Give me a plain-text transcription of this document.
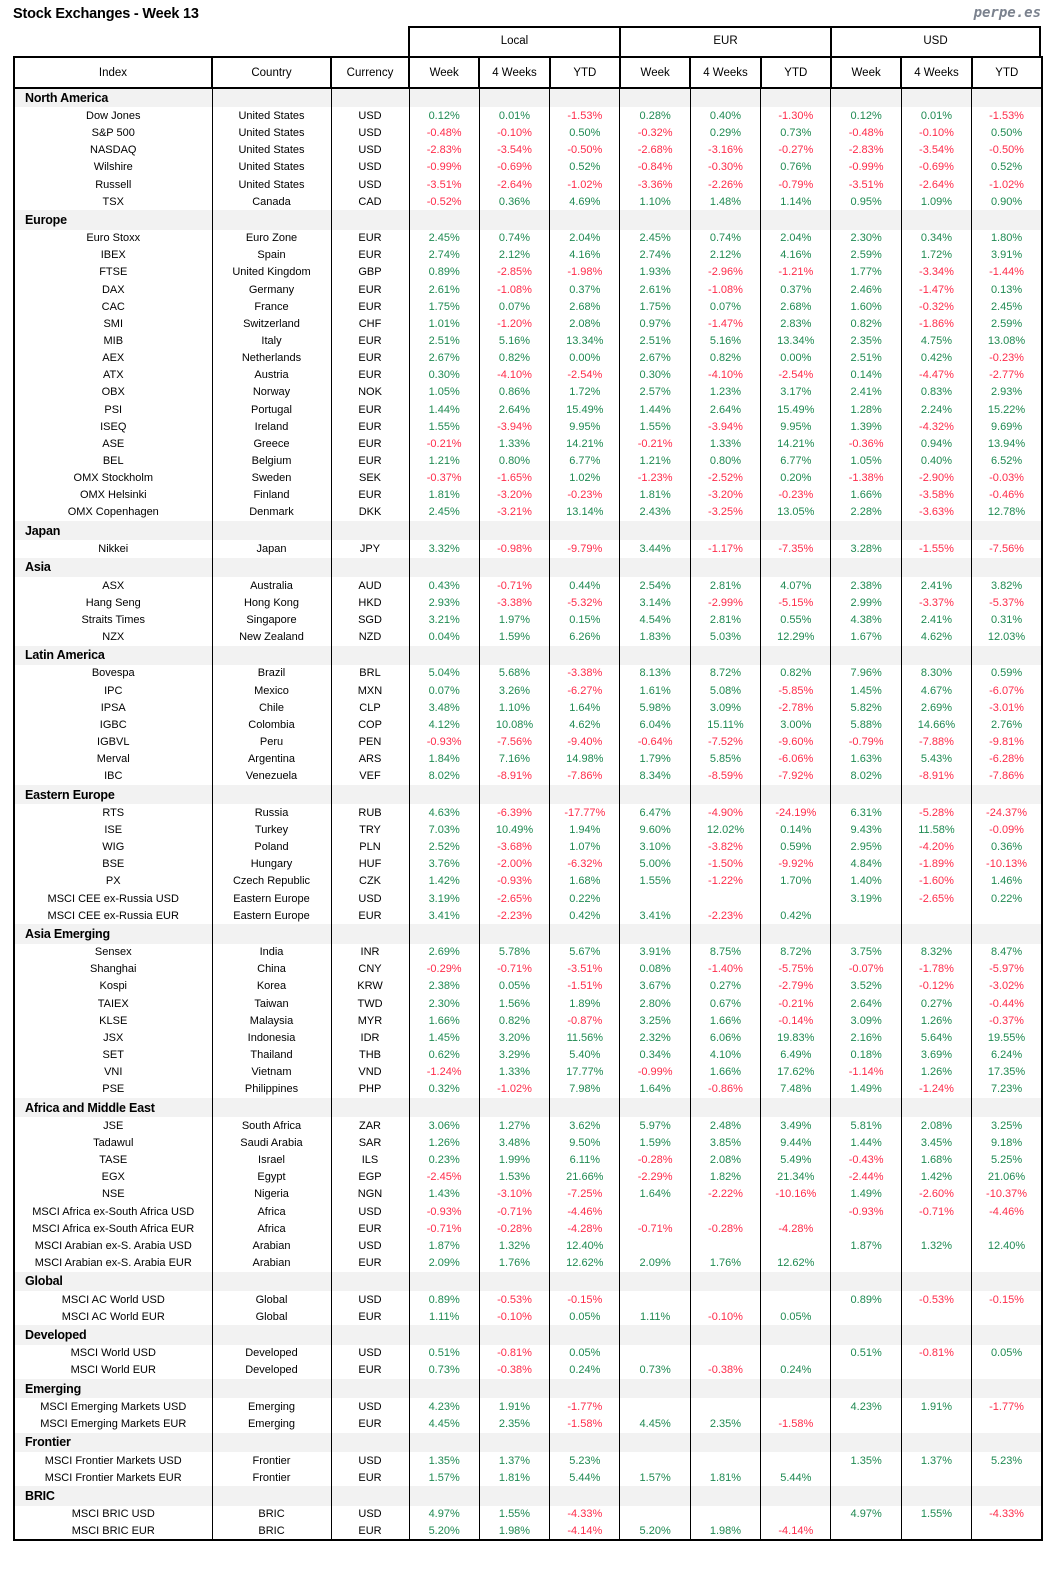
Stock Exchanges - Week 13	perpe.es
Local	EUR	USD
Index	Country	Currency	Week	4 Weeks	YTD	Week	4 Weeks	YTD	Week	4 Weeks	YTD
North America											
Dow Jones	United States	USD	0.12%	0.01%	-1.53%	0.28%	0.40%	-1.30%	0.12%	0.01%	-1.53%
S&P 500	United States	USD	-0.48%	-0.10%	0.50%	-0.32%	0.29%	0.73%	-0.48%	-0.10%	0.50%
NASDAQ	United States	USD	-2.83%	-3.54%	-0.50%	-2.68%	-3.16%	-0.27%	-2.83%	-3.54%	-0.50%
Wilshire	United States	USD	-0.99%	-0.69%	0.52%	-0.84%	-0.30%	0.76%	-0.99%	-0.69%	0.52%
Russell	United States	USD	-3.51%	-2.64%	-1.02%	-3.36%	-2.26%	-0.79%	-3.51%	-2.64%	-1.02%
TSX	Canada	CAD	-0.52%	0.36%	4.69%	1.10%	1.48%	1.14%	0.95%	1.09%	0.90%
Europe											
Euro Stoxx	Euro Zone	EUR	2.45%	0.74%	2.04%	2.45%	0.74%	2.04%	2.30%	0.34%	1.80%
IBEX	Spain	EUR	2.74%	2.12%	4.16%	2.74%	2.12%	4.16%	2.59%	1.72%	3.91%
FTSE	United Kingdom	GBP	0.89%	-2.85%	-1.98%	1.93%	-2.96%	-1.21%	1.77%	-3.34%	-1.44%
DAX	Germany	EUR	2.61%	-1.08%	0.37%	2.61%	-1.08%	0.37%	2.46%	-1.47%	0.13%
CAC	France	EUR	1.75%	0.07%	2.68%	1.75%	0.07%	2.68%	1.60%	-0.32%	2.45%
SMI	Switzerland	CHF	1.01%	-1.20%	2.08%	0.97%	-1.47%	2.83%	0.82%	-1.86%	2.59%
MIB	Italy	EUR	2.51%	5.16%	13.34%	2.51%	5.16%	13.34%	2.35%	4.75%	13.08%
AEX	Netherlands	EUR	2.67%	0.82%	0.00%	2.67%	0.82%	0.00%	2.51%	0.42%	-0.23%
ATX	Austria	EUR	0.30%	-4.10%	-2.54%	0.30%	-4.10%	-2.54%	0.14%	-4.47%	-2.77%
OBX	Norway	NOK	1.05%	0.86%	1.72%	2.57%	1.23%	3.17%	2.41%	0.83%	2.93%
PSI	Portugal	EUR	1.44%	2.64%	15.49%	1.44%	2.64%	15.49%	1.28%	2.24%	15.22%
ISEQ	Ireland	EUR	1.55%	-3.94%	9.95%	1.55%	-3.94%	9.95%	1.39%	-4.32%	9.69%
ASE	Greece	EUR	-0.21%	1.33%	14.21%	-0.21%	1.33%	14.21%	-0.36%	0.94%	13.94%
BEL	Belgium	EUR	1.21%	0.80%	6.77%	1.21%	0.80%	6.77%	1.05%	0.40%	6.52%
OMX Stockholm	Sweden	SEK	-0.37%	-1.65%	1.02%	-1.23%	-2.52%	0.20%	-1.38%	-2.90%	-0.03%
OMX Helsinki	Finland	EUR	1.81%	-3.20%	-0.23%	1.81%	-3.20%	-0.23%	1.66%	-3.58%	-0.46%
OMX Copenhagen	Denmark	DKK	2.45%	-3.21%	13.14%	2.43%	-3.25%	13.05%	2.28%	-3.63%	12.78%
Japan											
Nikkei	Japan	JPY	3.32%	-0.98%	-9.79%	3.44%	-1.17%	-7.35%	3.28%	-1.55%	-7.56%
Asia											
ASX	Australia	AUD	0.43%	-0.71%	0.44%	2.54%	2.81%	4.07%	2.38%	2.41%	3.82%
Hang Seng	Hong Kong	HKD	2.93%	-3.38%	-5.32%	3.14%	-2.99%	-5.15%	2.99%	-3.37%	-5.37%
Straits Times	Singapore	SGD	3.21%	1.97%	0.15%	4.54%	2.81%	0.55%	4.38%	2.41%	0.31%
NZX	New Zealand	NZD	0.04%	1.59%	6.26%	1.83%	5.03%	12.29%	1.67%	4.62%	12.03%
Latin America											
Bovespa	Brazil	BRL	5.04%	5.68%	-3.38%	8.13%	8.72%	0.82%	7.96%	8.30%	0.59%
IPC	Mexico	MXN	0.07%	3.26%	-6.27%	1.61%	5.08%	-5.85%	1.45%	4.67%	-6.07%
IPSA	Chile	CLP	3.48%	1.10%	1.64%	5.98%	3.09%	-2.78%	5.82%	2.69%	-3.01%
IGBC	Colombia	COP	4.12%	10.08%	4.62%	6.04%	15.11%	3.00%	5.88%	14.66%	2.76%
IGBVL	Peru	PEN	-0.93%	-7.56%	-9.40%	-0.64%	-7.52%	-9.60%	-0.79%	-7.88%	-9.81%
Merval	Argentina	ARS	1.84%	7.16%	14.98%	1.79%	5.85%	-6.06%	1.63%	5.43%	-6.28%
IBC	Venezuela	VEF	8.02%	-8.91%	-7.86%	8.34%	-8.59%	-7.92%	8.02%	-8.91%	-7.86%
Eastern Europe											
RTS	Russia	RUB	4.63%	-6.39%	-17.77%	6.47%	-4.90%	-24.19%	6.31%	-5.28%	-24.37%
ISE	Turkey	TRY	7.03%	10.49%	1.94%	9.60%	12.02%	0.14%	9.43%	11.58%	-0.09%
WIG	Poland	PLN	2.52%	-3.68%	1.07%	3.10%	-3.82%	0.59%	2.95%	-4.20%	0.36%
BSE	Hungary	HUF	3.76%	-2.00%	-6.32%	5.00%	-1.50%	-9.92%	4.84%	-1.89%	-10.13%
PX	Czech Republic	CZK	1.42%	-0.93%	1.68%	1.55%	-1.22%	1.70%	1.40%	-1.60%	1.46%
MSCI CEE ex-Russia USD	Eastern Europe	USD	3.19%	-2.65%	0.22%				3.19%	-2.65%	0.22%
MSCI CEE ex-Russia EUR	Eastern Europe	EUR	3.41%	-2.23%	0.42%	3.41%	-2.23%	0.42%			
Asia Emerging											
Sensex	India	INR	2.69%	5.78%	5.67%	3.91%	8.75%	8.72%	3.75%	8.32%	8.47%
Shanghai	China	CNY	-0.29%	-0.71%	-3.51%	0.08%	-1.40%	-5.75%	-0.07%	-1.78%	-5.97%
Kospi	Korea	KRW	2.38%	0.05%	-1.51%	3.67%	0.27%	-2.79%	3.52%	-0.12%	-3.02%
TAIEX	Taiwan	TWD	2.30%	1.56%	1.89%	2.80%	0.67%	-0.21%	2.64%	0.27%	-0.44%
KLSE	Malaysia	MYR	1.66%	0.82%	-0.87%	3.25%	1.66%	-0.14%	3.09%	1.26%	-0.37%
JSX	Indonesia	IDR	1.45%	3.20%	11.56%	2.32%	6.06%	19.83%	2.16%	5.64%	19.55%
SET	Thailand	THB	0.62%	3.29%	5.40%	0.34%	4.10%	6.49%	0.18%	3.69%	6.24%
VNI	Vietnam	VND	-1.24%	1.33%	17.77%	-0.99%	1.66%	17.62%	-1.14%	1.26%	17.35%
PSE	Philippines	PHP	0.32%	-1.02%	7.98%	1.64%	-0.86%	7.48%	1.49%	-1.24%	7.23%
Africa and Middle East											
JSE	South Africa	ZAR	3.06%	1.27%	3.62%	5.97%	2.48%	3.49%	5.81%	2.08%	3.25%
Tadawul	Saudi Arabia	SAR	1.26%	3.48%	9.50%	1.59%	3.85%	9.44%	1.44%	3.45%	9.18%
TASE	Israel	ILS	0.23%	1.99%	6.11%	-0.28%	2.08%	5.49%	-0.43%	1.68%	5.25%
EGX	Egypt	EGP	-2.45%	1.53%	21.66%	-2.29%	1.82%	21.34%	-2.44%	1.42%	21.06%
NSE	Nigeria	NGN	1.43%	-3.10%	-7.25%	1.64%	-2.22%	-10.16%	1.49%	-2.60%	-10.37%
MSCI Africa ex-South Africa USD	Africa	USD	-0.93%	-0.71%	-4.46%				-0.93%	-0.71%	-4.46%
MSCI Africa ex-South Africa EUR	Africa	EUR	-0.71%	-0.28%	-4.28%	-0.71%	-0.28%	-4.28%			
MSCI Arabian ex-S. Arabia USD	Arabian	USD	1.87%	1.32%	12.40%				1.87%	1.32%	12.40%
MSCI Arabian ex-S. Arabia EUR	Arabian	EUR	2.09%	1.76%	12.62%	2.09%	1.76%	12.62%			
Global											
MSCI AC World USD	Global	USD	0.89%	-0.53%	-0.15%				0.89%	-0.53%	-0.15%
MSCI AC World EUR	Global	EUR	1.11%	-0.10%	0.05%	1.11%	-0.10%	0.05%			
Developed											
MSCI World USD	Developed	USD	0.51%	-0.81%	0.05%				0.51%	-0.81%	0.05%
MSCI World EUR	Developed	EUR	0.73%	-0.38%	0.24%	0.73%	-0.38%	0.24%			
Emerging											
MSCI Emerging Markets USD	Emerging	USD	4.23%	1.91%	-1.77%				4.23%	1.91%	-1.77%
MSCI Emerging Markets EUR	Emerging	EUR	4.45%	2.35%	-1.58%	4.45%	2.35%	-1.58%			
Frontier											
MSCI Frontier Markets USD	Frontier	USD	1.35%	1.37%	5.23%				1.35%	1.37%	5.23%
MSCI Frontier Markets EUR	Frontier	EUR	1.57%	1.81%	5.44%	1.57%	1.81%	5.44%			
BRIC											
MSCI BRIC USD	BRIC	USD	4.97%	1.55%	-4.33%				4.97%	1.55%	-4.33%
MSCI BRIC EUR	BRIC	EUR	5.20%	1.98%	-4.14%	5.20%	1.98%	-4.14%			
